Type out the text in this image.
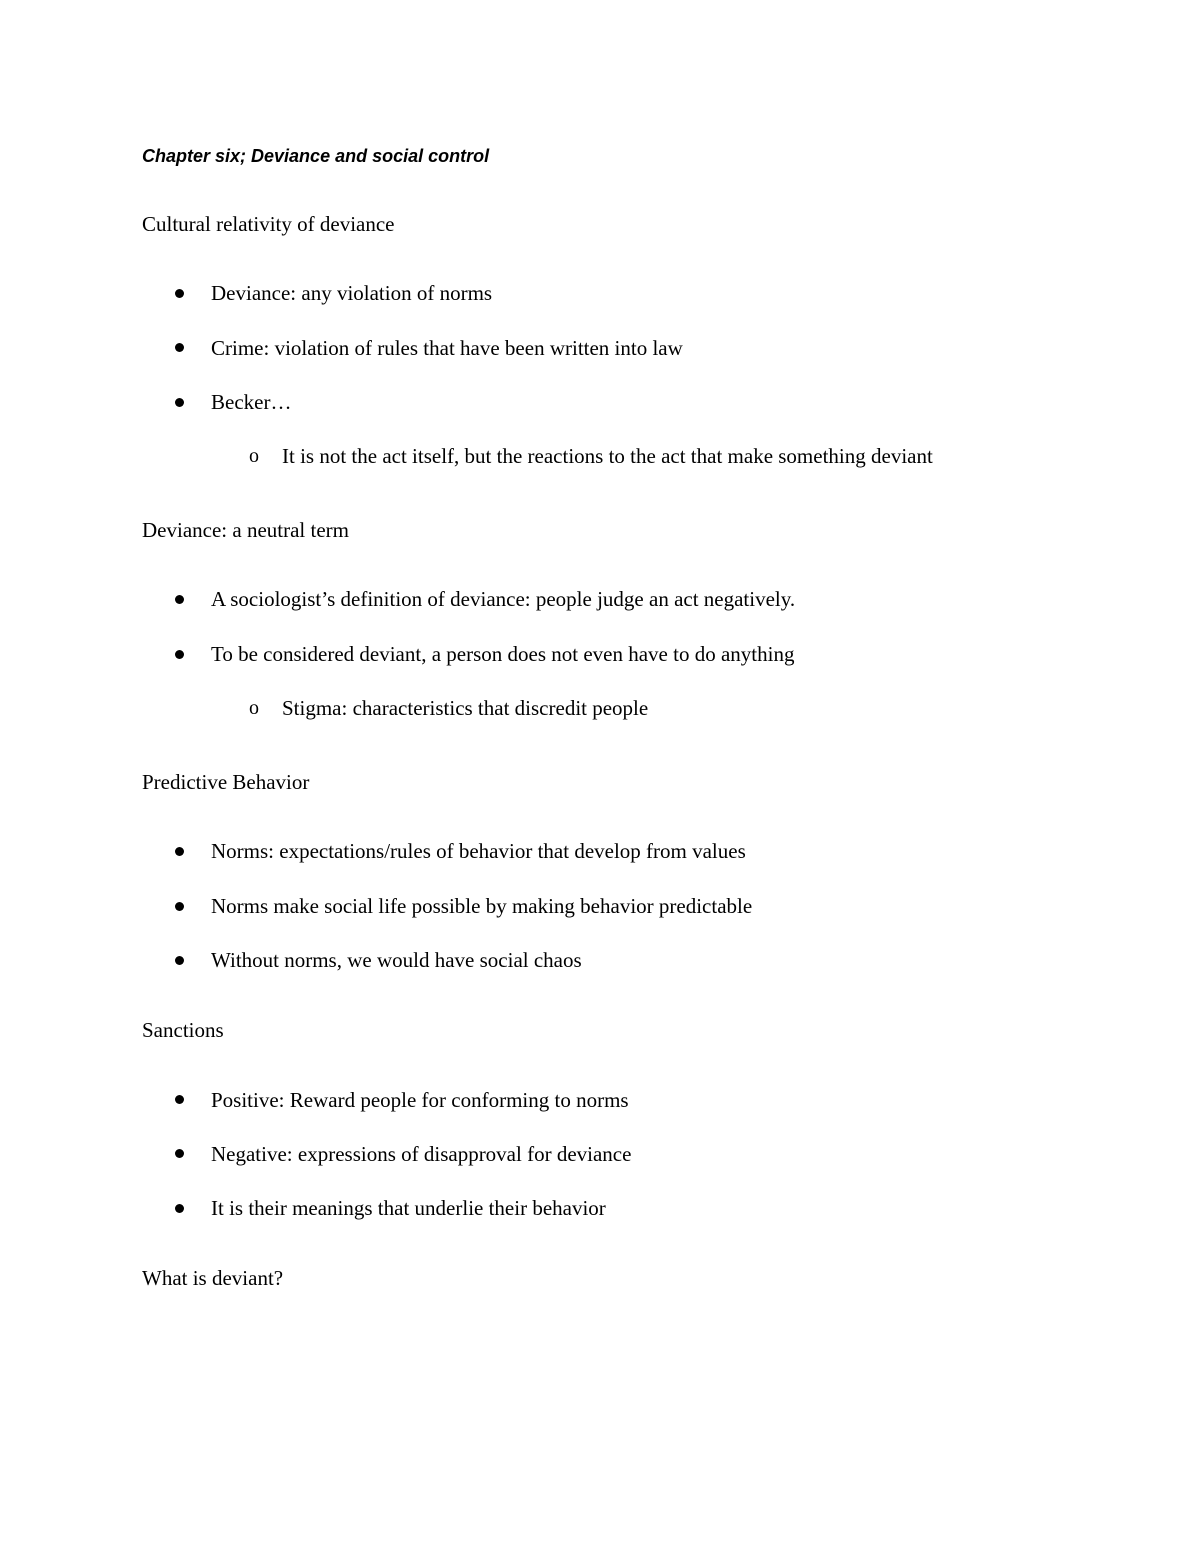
Chapter six; Deviance and social control
Cultural relativity of deviance
Deviance: any violation of norms
Crime: violation of rules that have been written into law
Becker…
o It is not the act itself, but the reactions to the act that make something deviant
Deviance: a neutral term
A sociologist’s definition of deviance: people judge an act negatively.
To be considered deviant, a person does not even have to do anything
o Stigma: characteristics that discredit people
Predictive Behavior
Norms: expectations/rules of behavior that develop from values
Norms make social life possible by making behavior predictable
Without norms, we would have social chaos
Sanctions
Positive: Reward people for conforming to norms
Negative: expressions of disapproval for deviance
It is their meanings that underlie their behavior
What is deviant?
